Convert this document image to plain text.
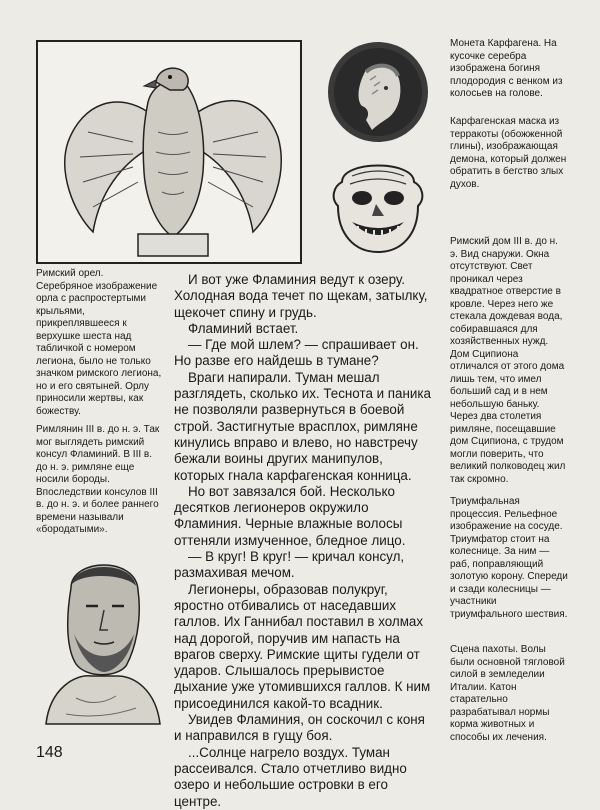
Монета Карфагена. На кусочке серебра изображена богиня плодородия с венком из колосьев на голове.

Карфагенская маска из терракоты (обожженной глины), изображающая демона, который должен обратить в бегство злых духов.

Римский орел. Серебряное изображение орла с распростертыми крыльями, прикреплявшееся к верхушке шеста над табличкой с номером легиона, было не только значком римского легиона, но и его святыней. Орлу приносили жертвы, как божеству.

Римлянин III в. до н. э. Так мог выглядеть римский консул Фламиний. В III в. до н. э. римляне еще носили бороды. Впоследствии консулов III в. до н. э. и более раннего времени называли «бородатыми».

Римский дом III в. до н. э. Вид снаружи. Окна отсутствуют. Свет проникал через квадратное отверстие в кровле. Через него же стекала дождевая вода, собиравшаяся для хозяйственных нужд. Дом Сципиона отличался от этого дома лишь тем, что имел больший сад и в нем небольшую баньку. Через два столетия римляне, посещавшие дом Сципиона, с трудом могли поверить, что великий полководец жил так скромно.

Триумфальная процессия. Рельефное изображение на сосуде. Триумфатор стоит на колеснице. За ним — раб, поправляющий золотую корону. Спереди и сзади колесницы — участники триумфального шествия.

Сцена пахоты. Волы были основной тягловой силой в земледелии Италии. Катон старательно разрабатывал нормы корма животных и способы их лечения.

И вот уже Фламиния ведут к озеру. Холодная вода течет по щекам, затылку, щекочет спину и грудь.

Фламиний встает.

— Где мой шлем? — спрашивает он. Но разве его найдешь в тумане?

Враги напирали. Туман мешал разглядеть, сколько их. Теснота и паника не позволяли развернуться в боевой строй. Застигнутые врасплох, римляне кинулись вправо и влево, но навстречу бежали воины других манипулов, которых гнала карфагенская конница.

Но вот завязался бой. Несколько десятков легионеров окружило Фламиния. Черные влажные волосы оттеняли измученное, бледное лицо.

— В круг! В круг! — кричал консул, размахивая мечом.

Легионеры, образовав полукруг, яростно отбивались от наседавших галлов. Их Ганнибал поставил в холмах над дорогой, поручив им напасть на врагов сверху. Римские щиты гудели от ударов. Слышалось прерывистое дыхание уже утомившихся галлов. К ним присоединился какой-то всадник.

Увидев Фламиния, он соскочил с коня и направился в гущу боя.

...Солнце нагрело воздух. Туман рассеивался. Стало отчетливо видно озеро и небольшие островки в его центре.

148
